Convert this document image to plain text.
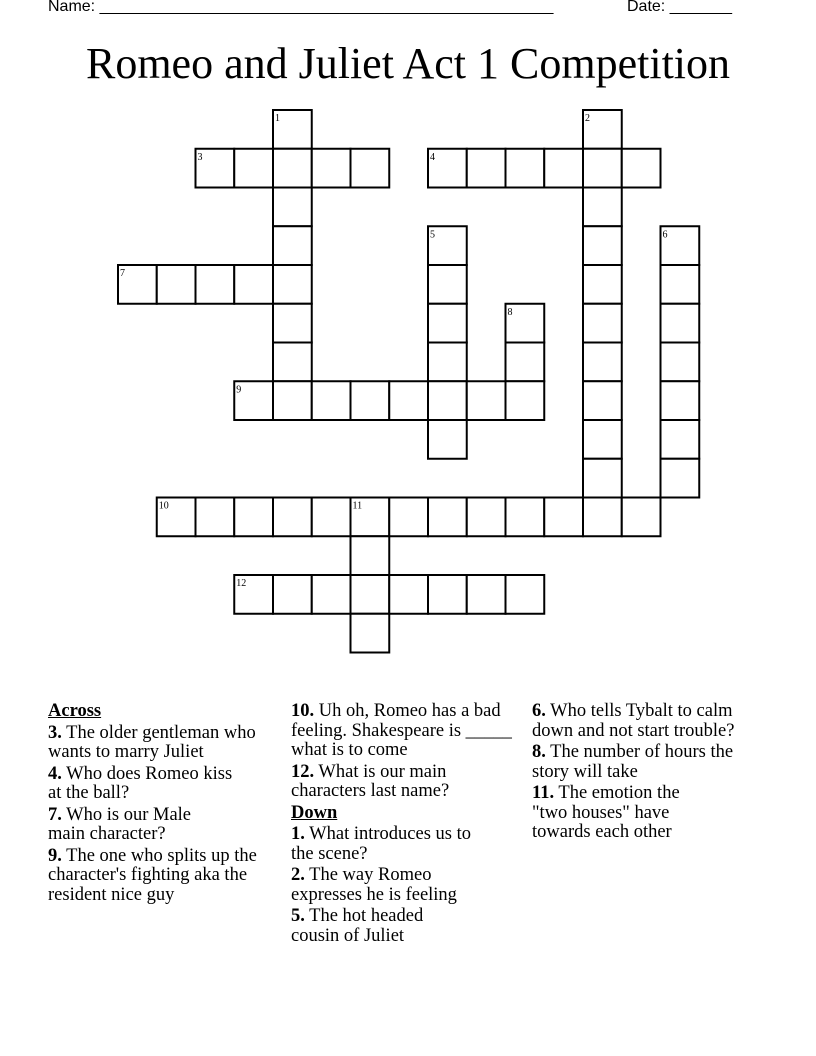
Name: ___________________________________________________	Date: _______
Romeo and Juliet Act 1 Competition
1	2
3	4
5	6
7
8
9
10	11
12
Across
3. The older gentleman who wants to marry Juliet
4. Who does Romeo kiss at the ball?
7. Who is our Male main character?
9. The one who splits up the character's fighting aka the resident nice guy
10. Uh oh, Romeo has a bad feeling. Shakespeare is _____ what is to come
12. What is our main characters last name?
Down
1. What introduces us to the scene?
2. The way Romeo expresses he is feeling
5. The hot headed cousin of Juliet
6. Who tells Tybalt to calm down and not start trouble?
8. The number of hours the story will take
11. The emotion the "two houses" have towards each other
